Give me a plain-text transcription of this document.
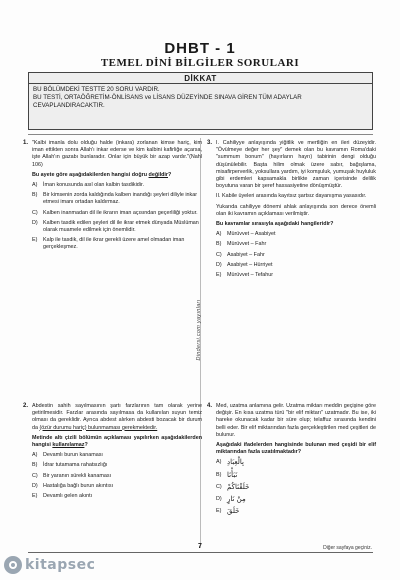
DHBT - 1
TEMEL DİNİ BİLGİLER SORULARI
DİKKAT
BU BÖLÜMDEKİ TESTTE 20 SORU VARDIR.
BU TESTİ, ORTAÖĞRETİM-ÖNLİSANS ve LİSANS DÜZEYİNDE SINAVA GİREN TÜM ADAYLAR CEVAPLANDIRACAKTIR.
Dindersi.com yayınları
1. "Kalbi imanla dolu olduğu halde (inkara) zorlanan kimse hariç, kim iman ettikten sonra Allah'ı inkar ederse ve kim kalbini kafirliğe açarsa, işte Allah'ın gazabı bunlaradır. Onlar için büyük bir azap vardır."(Nahl 106)

Bu ayete göre aşağıdakilerden hangisi doğru değildir?

A)	İman konusunda asıl olan kalbin tasdikidir.
B)	Bir kimsenin zorda kaldığında kalben inandığı şeyleri diliyle inkar etmesi imanı ortadan kaldırmaz.
C) Kalben inanmadan dil ile ikrarın iman açısından geçerliliği yoktur.
D) Kalben tasdik edilen şeyleri dil ile ikrar etmek dünyada Müslüman olarak muamele edilmek için önemlidir.
E)	Kalp ile tasdik, dil ile ikrar gerekli üzere amel olmadan iman gerçekleşmez.
2. Abdestin sahih sayılmasının şartı farzlarının tam olarak yerine getirilmesidir. Farzlar arasında sayılmasa da kullanılan suyun temiz olması da gereklidir. Ayrıca abdest alırken abdesti bozacak bir durum da (özür durumu hariç) bulunmaması gerekmektedir.

Metinde altı çizili bölümün açıklaması yapılırken aşağıdakilerden hangisi kullanılamaz?

A)	Devamlı burun kanaması
B)	İdrar tutamama rahatsızlığı
C) Bir yaranın sürekli kanaması
D) Hastalığa bağlı burun akıntısı
E)	Devamlı gelen akıntı
3. I. Cahiliyye anlayışında yiğitlik ve mertliğin en ileri düzeyidir. "Övülmeye değer her şey" demek olan bu kavramın Roma'daki "summum bonum" (hayırların hayrı) tabirinin dengi olduğu düşünülebilir. Başta hilim olmak üzere sabır, bağışlama, misafirperverlik, yoksullara yardım, iyi komşuluk, yumuşak huyluluk gibi erdemleri kapsamakla birlikte zaman içerisinde delilik boyutuna varan bir şeref hassasiyetine dönüşmüştür.

II. Kabile üyeleri arasında kayıtsız şartsız dayanışma yasasıdır.

Yukarıda cahiliyye dönemi ahlak anlayışında son derece önemli olan iki kavramın açıklaması verilmiştir.

Bu kavramlar sırasıyla aşağıdaki hangileridir?

A)	Mürüvvet – Asabiyet
B)	Mürüvvet – Fahr
C) Asabiyet – Fahr
D) Asabiyet – Hürriyet
E)	Mürüvvet – Tefahur
4. Med, uzatma anlamına gelir. Uzatma miktarı meddin geçişine göre değişir. En kısa uzatma türü "bir elif miktarı" uzatmadır. Bu ise, iki hareke okunacak kadar bir süre olup; telaffuz sırasında kendini belli eder. Bir elif miktarından fazla gerçekleştirilen med çeşitleri de bulunur.

Aşağıdaki ifadelerden hangisinde bulunan med çeşidi bir elif miktarından fazla uzatılmaktadır?

A) بِالْعِبَادِ
B) نَبَأْنَا
C) خَلَقْنَاكُمْ
D) مِنْ نَارٍ
E) خَلَقَ
7	Diğer sayfaya geçiniz.
kitapsec
